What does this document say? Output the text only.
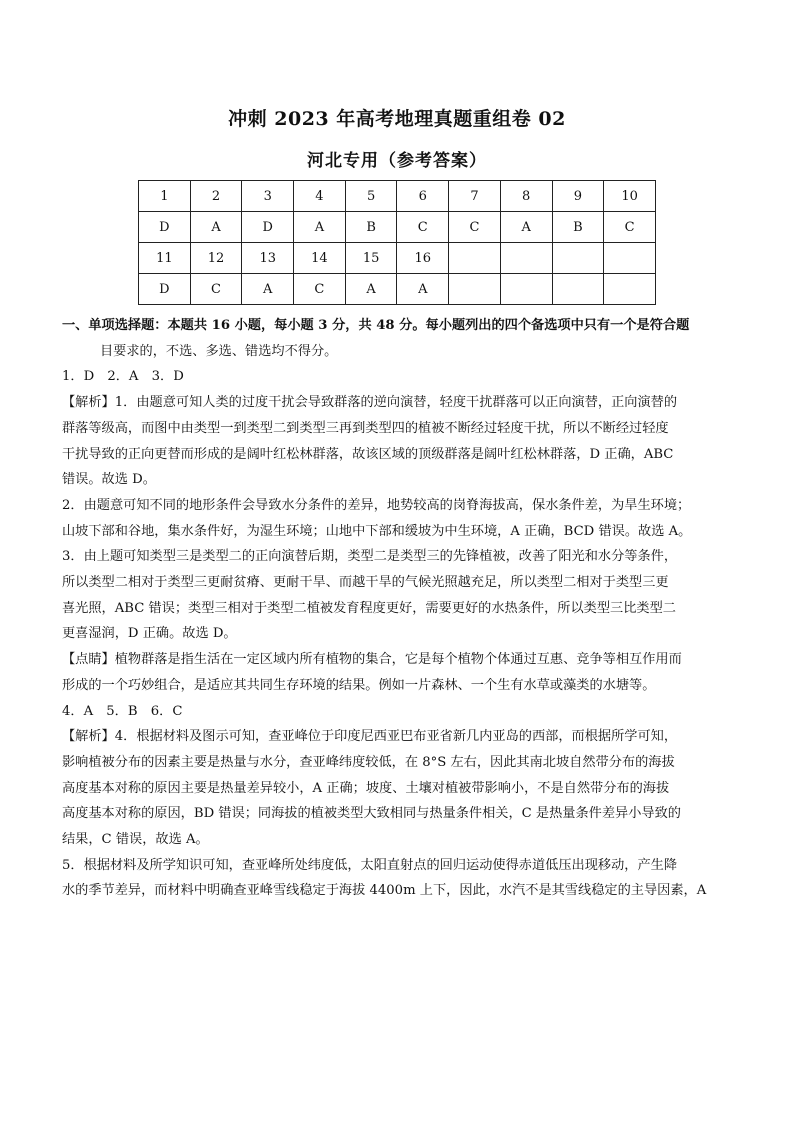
冲刺 2023 年高考地理真题重组卷 02
河北专用（参考答案）
1	2	3	4	5	6	7	8	9	10
D	A	D	A	B	C	C	A	B	C
11	12	13	14	15	16				
D	C	A	C	A	A				

一、单项选择题：本题共 16 小题，每小题 3 分，共 48 分。每小题列出的四个备选项中只有一个是符合题

目要求的，不选、多选、错选均不得分。

1．D　2．A　3．D

【解析】1．由题意可知人类的过度干扰会导致群落的逆向演替，轻度干扰群落可以正向演替，正向演替的

群落等级高，而图中由类型一到类型二到类型三再到类型四的植被不断经过轻度干扰，所以不断经过轻度

干扰导致的正向更替而形成的是阔叶红松林群落，故该区域的顶级群落是阔叶红松林群落，D 正确，ABC

错误。故选 D。

2．由题意可知不同的地形条件会导致水分条件的差异，地势较高的岗脊海拔高，保水条件差，为旱生环境；

山坡下部和谷地，集水条件好，为湿生环境；山地中下部和缓坡为中生环境，A 正确，BCD 错误。故选 A。

3．由上题可知类型三是类型二的正向演替后期，类型二是类型三的先锋植被，改善了阳光和水分等条件，

所以类型二相对于类型三更耐贫瘠、更耐干旱、而越干旱的气候光照越充足，所以类型二相对于类型三更

喜光照，ABC 错误；类型三相对于类型二植被发育程度更好，需要更好的水热条件，所以类型三比类型二

更喜湿润，D 正确。故选 D。

【点睛】植物群落是指生活在一定区域内所有植物的集合，它是每个植物个体通过互惠、竞争等相互作用而

形成的一个巧妙组合，是适应其共同生存环境的结果。例如一片森林、一个生有水草或藻类的水塘等。

4．A　5．B　6．C

【解析】4．根据材料及图示可知，查亚峰位于印度尼西亚巴布亚省新几内亚岛的西部，而根据所学可知，

影响植被分布的因素主要是热量与水分，查亚峰纬度较低，在 8°S 左右，因此其南北坡自然带分布的海拔

高度基本对称的原因主要是热量差异较小，A 正确；坡度、土壤对植被带影响小，不是自然带分布的海拔

高度基本对称的原因，BD 错误；同海拔的植被类型大致相同与热量条件相关，C 是热量条件差异小导致的

结果，C 错误，故选 A。

5．根据材料及所学知识可知，查亚峰所处纬度低，太阳直射点的回归运动使得赤道低压出现移动，产生降

水的季节差异，而材料中明确查亚峰雪线稳定于海拔 4400m 上下，因此，水汽不是其雪线稳定的主导因素，A
